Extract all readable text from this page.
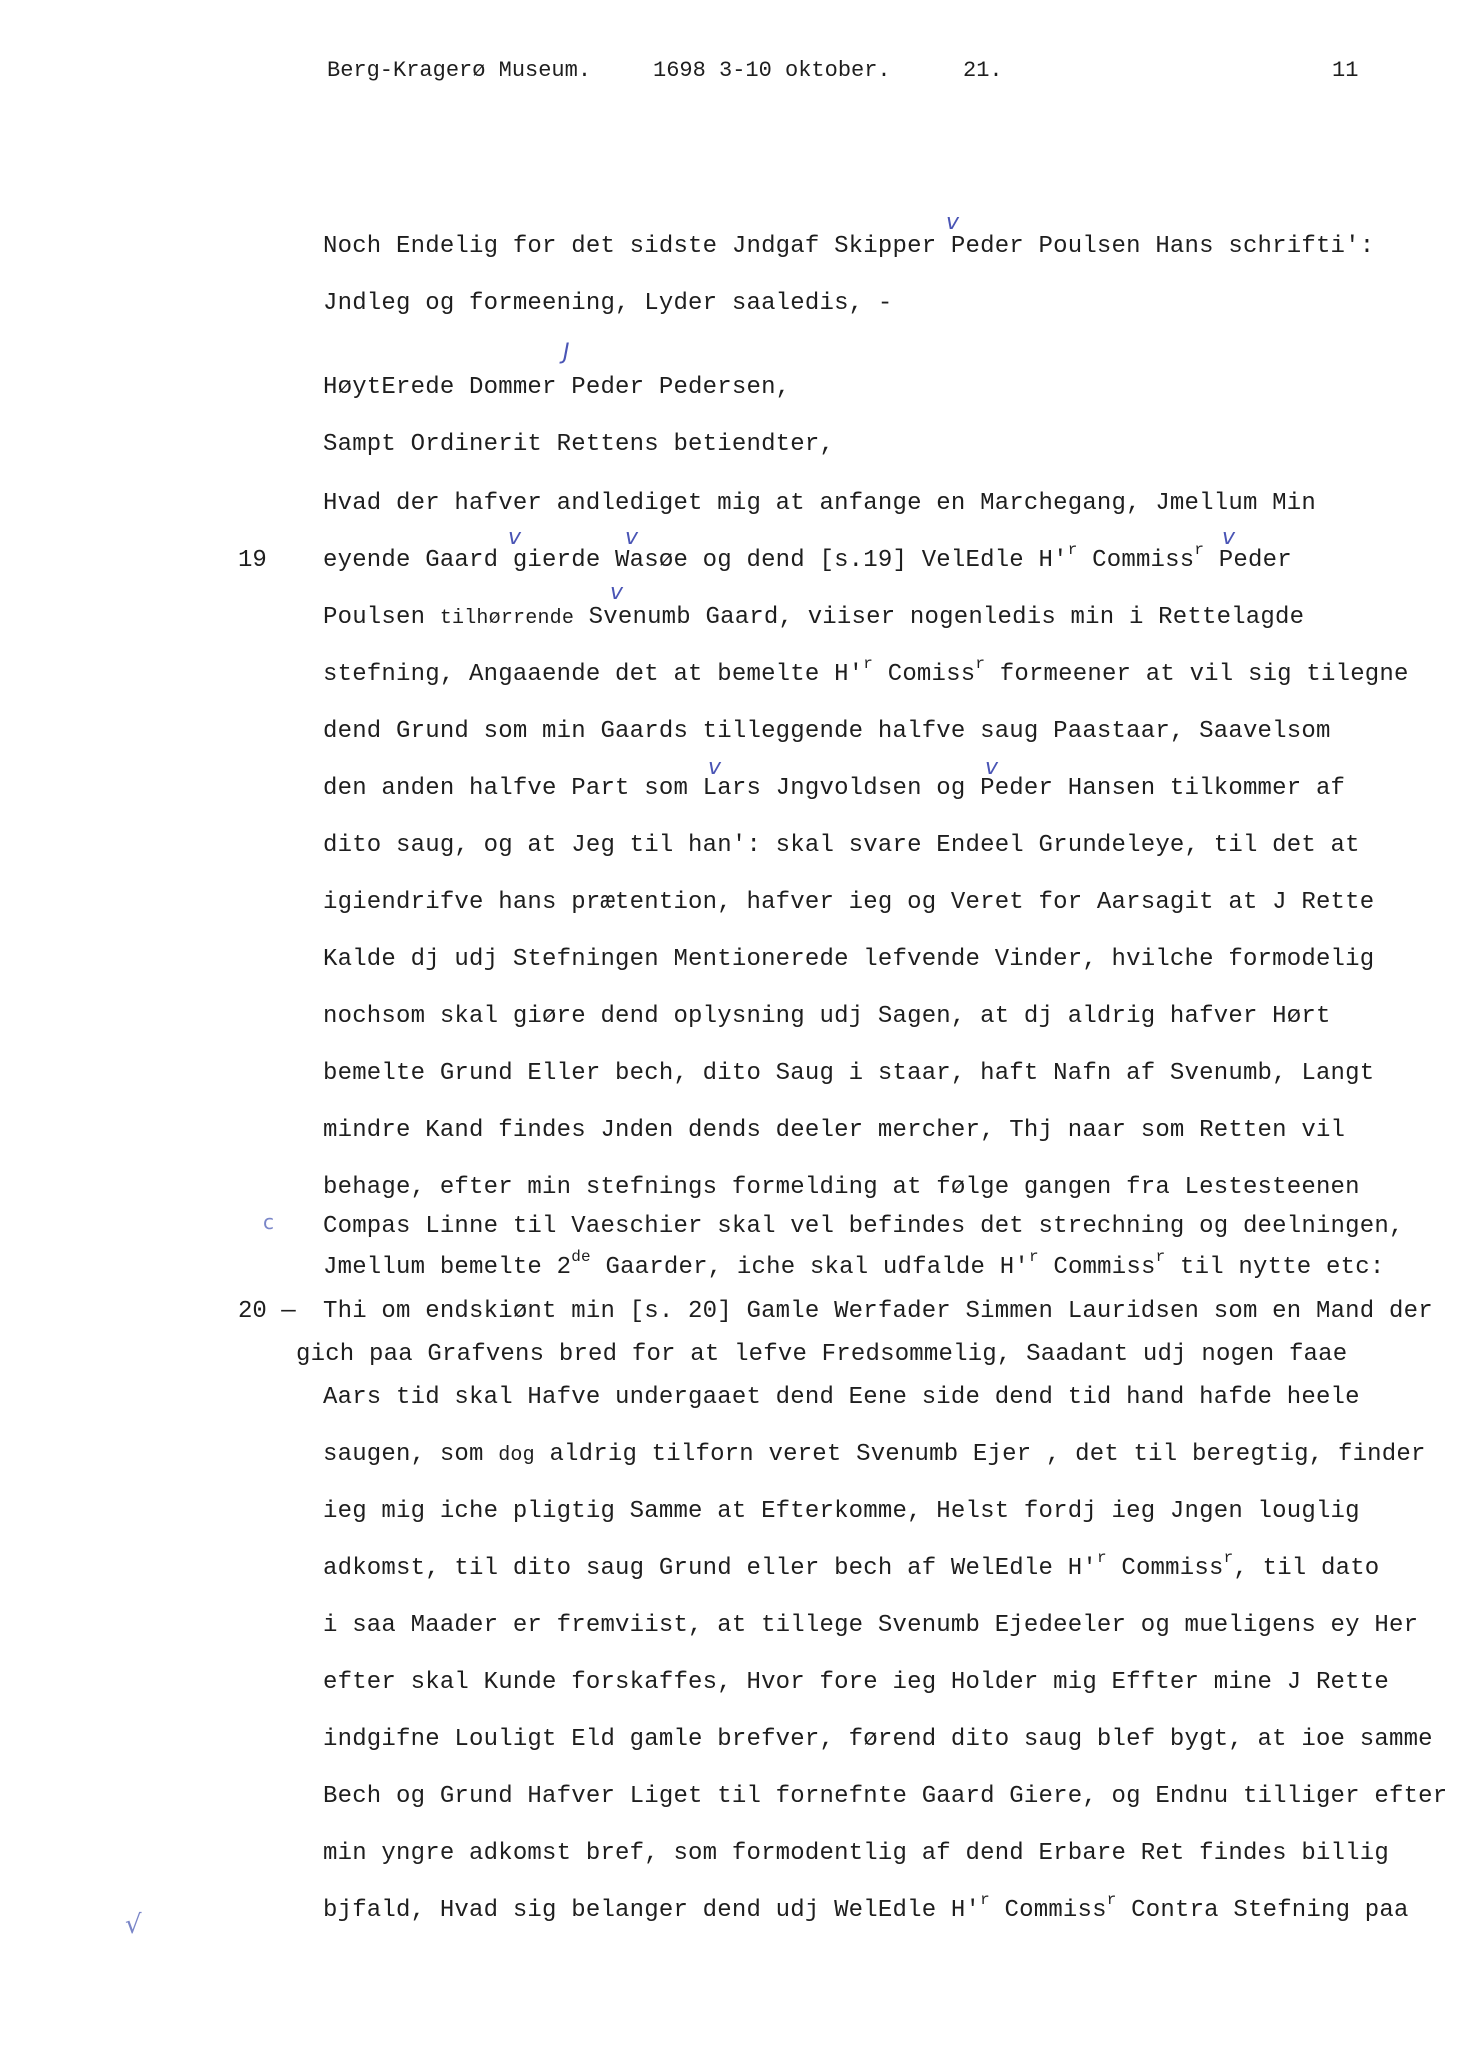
Berg-Kragerø Museum.	1698 3-10 oktober.	21.	11
v
J
v	v	v
v
v	v
√
c
Noch Endelig for det sidste Jndgaf Skipper Peder Poulsen Hans schrifti':
Jndleg og formeening, Lyder saaledis, -
HøytErede Dommer Peder Pedersen,
Sampt Ordinerit Rettens betiendter,
Hvad der hafver andlediget mig at anfange en Marchegang, Jmellum Min
19 eyende Gaard gierde Wasøe og dend [s.19] VelEdle $H'^r$ Commiss$^r$ Peder
Poulsen tilhørrende Svenumb Gaard, viiser nogenledis min i Rettelagde
stefning, Angaaende det at bemelte $H'^r$ Comiss$^r$ formeener at vil sig tilegne
dend Grund som min Gaards tilleggende halfve saug Paastaar, Saavelsom
den anden halfve Part som Lars Jngvoldsen og Peder Hansen tilkommer af
dito saug, og at Jeg til han': skal svare Endeel Grundeleye, til det at
igiendrifve hans prætention, hafver ieg og Veret for Aarsagit at J Rette
Kalde dj udj Stefningen Mentionerede lefvende Vinder, hvilche formodelig
nochsom skal giøre dend oplysning udj Sagen, at dj aldrig hafver Hørt
bemelte Grund Eller bech, dito Saug i staar, haft Nafn af Svenumb, Langt
mindre Kand findes Jnden dends deeler mercher, Thj naar som Retten vil
behage, efter min stefnings formelding at følge gangen fra Lestesteenen
Compas Linne til Vaeschier skal vel befindes det strechning og deelningen,
Jmellum bemelte 2de Gaarder, iche skal udfalde $H'^r$ Commiss$^r$ til nytte etc:
20 — Thi om endskiønt min [s. 20] Gamle Werfader Simmen Lauridsen som en Mand der
gich paa Grafvens bred for at lefve Fredsommelig, Saadant udj nogen faae
Aars tid skal Hafve undergaaet dend Eene side dend tid hand hafde heele
saugen, som dog aldrig tilforn veret Svenumb Ejer , det til beregtig, finder
ieg mig iche pligtig Samme at Efterkomme, Helst fordj ieg Jngen louglig
adkomst, til dito saug Grund eller bech af WelEdle $H'^r$ Commiss$^r$, til dato
i saa Maader er fremviist, at tillege Svenumb Ejedeeler og mueligens ey Her
efter skal Kunde forskaffes, Hvor fore ieg Holder mig Effter mine J Rette
indgifne Louligt Eld gamle brefver, førend dito saug blef bygt, at ioe samme
Bech og Grund Hafver Liget til fornefnte Gaard Giere, og Endnu tilliger efter
min yngre adkomst bref, som formodentlig af dend Erbare Ret findes billig
bjfald, Hvad sig belanger dend udj WelEdle $H'^r$ Commiss$^r$ Contra Stefning paa
